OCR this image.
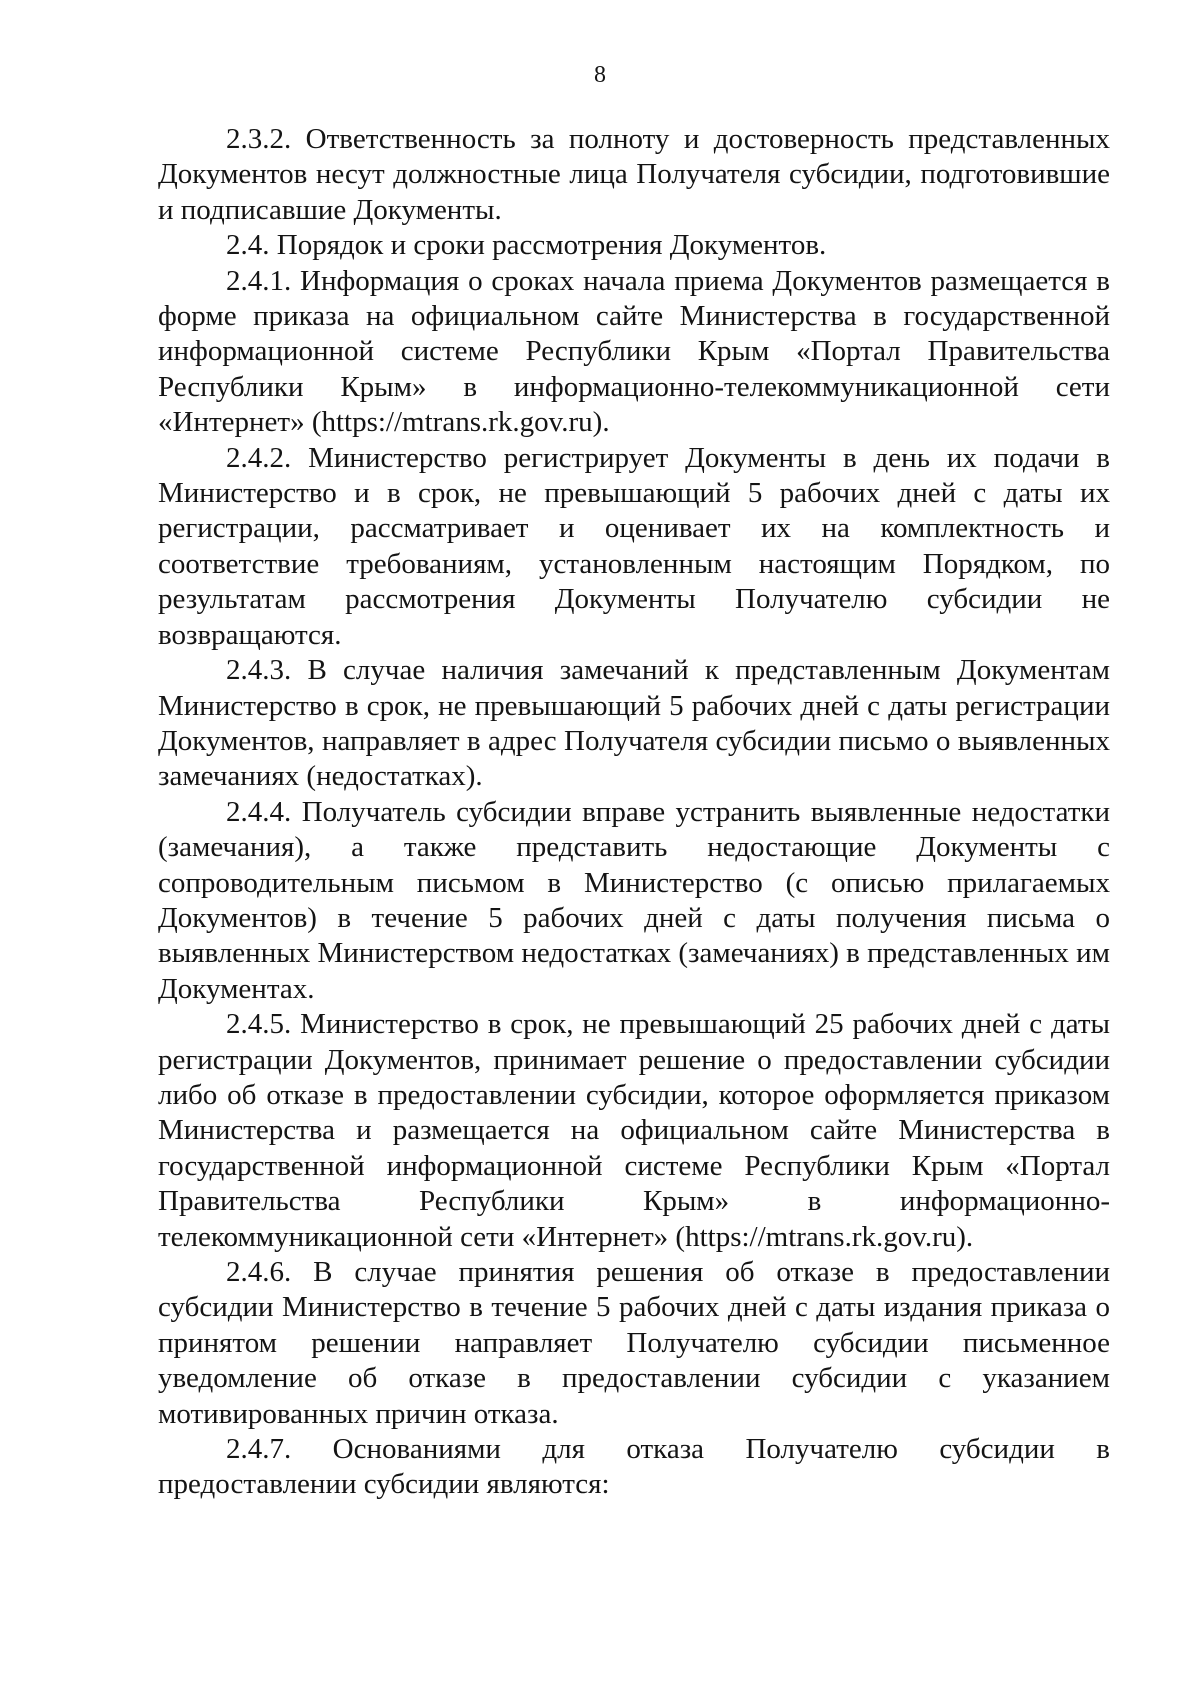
8

2.3.2. Ответственность за полноту и достоверность представленных Документов несут должностные лица Получателя субсидии, подготовившие и подписавшие Документы.

2.4. Порядок и сроки рассмотрения Документов.

2.4.1. Информация о сроках начала приема Документов размещается в форме приказа на официальном сайте Министерства в государственной информационной системе Республики Крым «Портал Правительства Республики Крым» в информационно-телекоммуникационной сети «Интернет» (https://mtrans.rk.gov.ru).

2.4.2. Министерство регистрирует Документы в день их подачи в Министерство и в срок, не превышающий 5 рабочих дней с даты их регистрации, рассматривает и оценивает их на комплектность и соответствие требованиям, установленным настоящим Порядком, по результатам рассмотрения Документы Получателю субсидии не возвращаются.

2.4.3. В случае наличия замечаний к представленным Документам Министерство в срок, не превышающий 5 рабочих дней с даты регистрации Документов, направляет в адрес Получателя субсидии письмо о выявленных замечаниях (недостатках).

2.4.4. Получатель субсидии вправе устранить выявленные недостатки (замечания), а также представить недостающие Документы с сопроводительным письмом в Министерство (с описью прилагаемых Документов) в течение 5 рабочих дней с даты получения письма о выявленных Министерством недостатках (замечаниях) в представленных им Документах.

2.4.5. Министерство в срок, не превышающий 25 рабочих дней с даты регистрации Документов, принимает решение о предоставлении субсидии либо об отказе в предоставлении субсидии, которое оформляется приказом Министерства и размещается на официальном сайте Министерства в государственной информационной системе Республики Крым «Портал Правительства Республики Крым» в информационно-телекоммуникационной сети «Интернет» (https://mtrans.rk.gov.ru).

2.4.6. В случае принятия решения об отказе в предоставлении субсидии Министерство в течение 5 рабочих дней с даты издания приказа о принятом решении направляет Получателю субсидии письменное уведомление об отказе в предоставлении субсидии с указанием мотивированных причин отказа.

2.4.7. Основаниями для отказа Получателю субсидии в предоставлении субсидии являются:
